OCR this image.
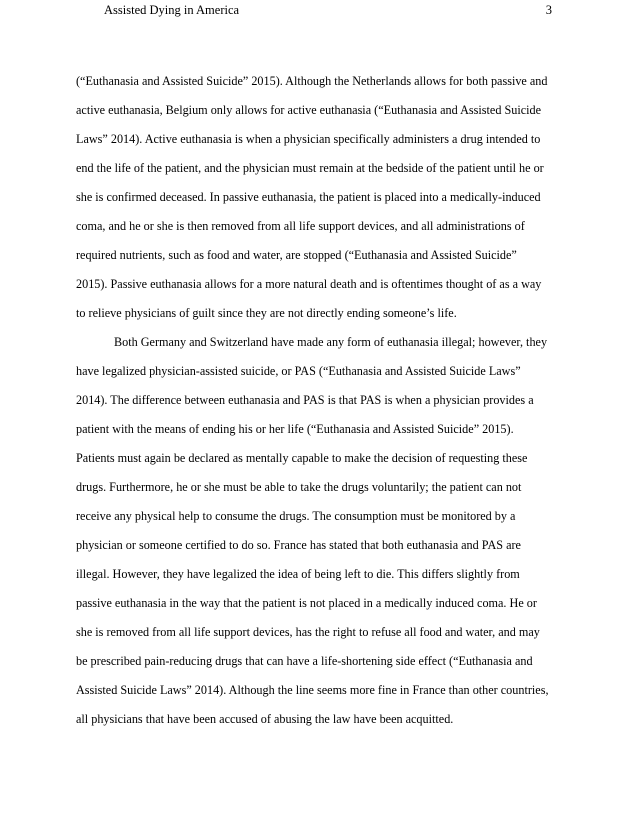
Assisted Dying in America	3
(“Euthanasia and Assisted Suicide” 2015). Although the Netherlands allows for both passive and
active euthanasia, Belgium only allows for active euthanasia (“Euthanasia and Assisted Suicide
Laws” 2014). Active euthanasia is when a physician specifically administers a drug intended to
end the life of the patient, and the physician must remain at the bedside of the patient until he or
she is confirmed deceased. In passive euthanasia, the patient is placed into a medically-induced
coma, and he or she is then removed from all life support devices, and all administrations of
required nutrients, such as food and water, are stopped (“Euthanasia and Assisted Suicide”
2015). Passive euthanasia allows for a more natural death and is oftentimes thought of as a way
to relieve physicians of guilt since they are not directly ending someone’s life.
Both Germany and Switzerland have made any form of euthanasia illegal; however, they
have legalized physician-assisted suicide, or PAS (“Euthanasia and Assisted Suicide Laws”
2014). The difference between euthanasia and PAS is that PAS is when a physician provides a
patient with the means of ending his or her life (“Euthanasia and Assisted Suicide” 2015).
Patients must again be declared as mentally capable to make the decision of requesting these
drugs. Furthermore, he or she must be able to take the drugs voluntarily; the patient can not
receive any physical help to consume the drugs. The consumption must be monitored by a
physician or someone certified to do so. France has stated that both euthanasia and PAS are
illegal. However, they have legalized the idea of being left to die. This differs slightly from
passive euthanasia in the way that the patient is not placed in a medically induced coma. He or
she is removed from all life support devices, has the right to refuse all food and water, and may
be prescribed pain-reducing drugs that can have a life-shortening side effect (“Euthanasia and
Assisted Suicide Laws” 2014). Although the line seems more fine in France than other countries,
all physicians that have been accused of abusing the law have been acquitted.
